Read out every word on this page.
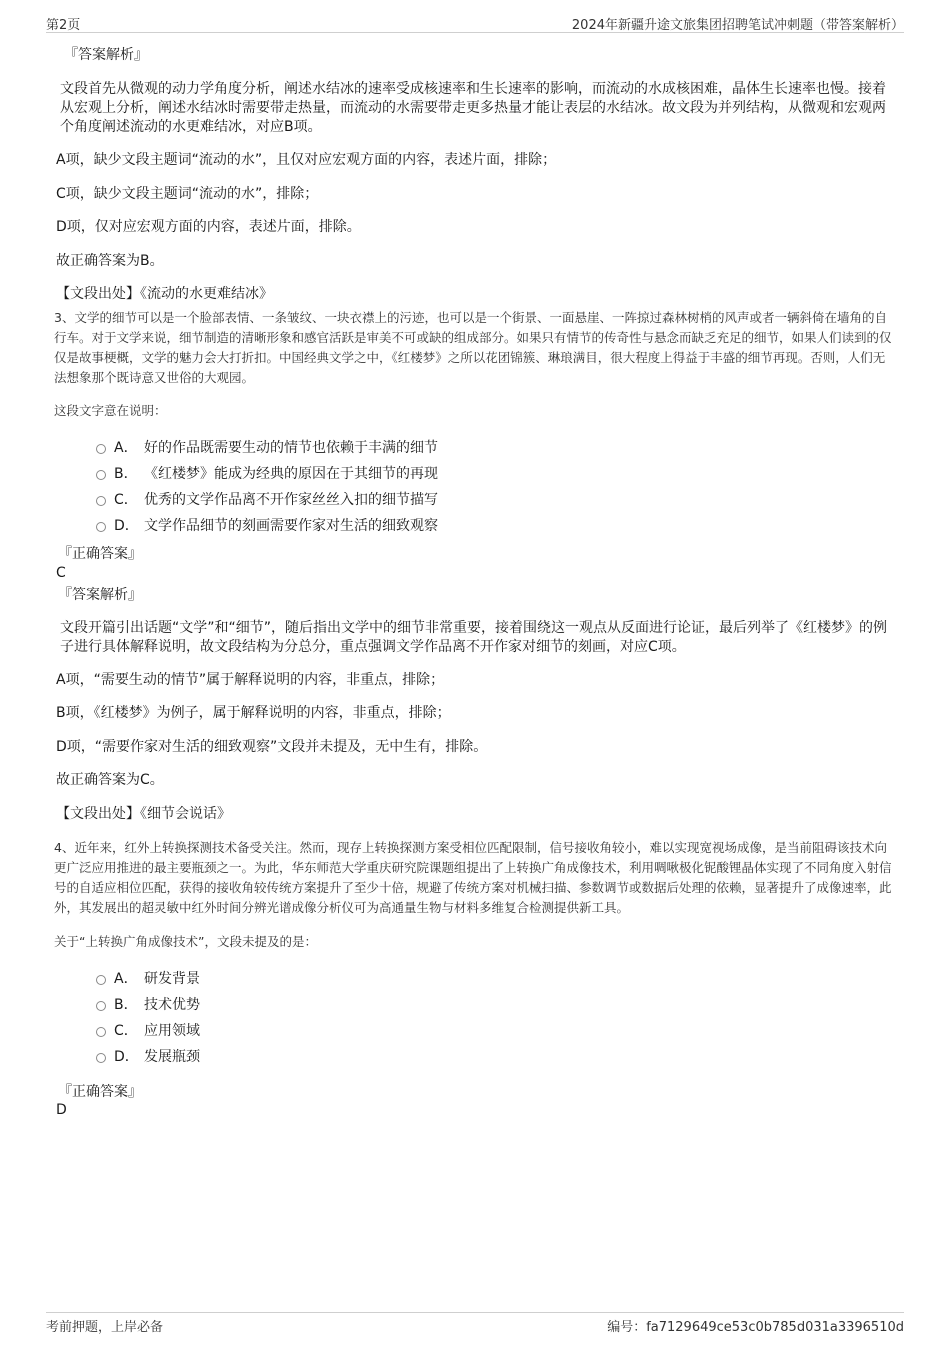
第2页	2024年新疆升途文旅集团招聘笔试冲刺题（带答案解析）

『答案解析』

文段首先从微观的动力学角度分析，阐述水结冰的速率受成核速率和生长速率的影响，而流动的水成核困难，晶体生长速率也慢。接着从宏观上分析，阐述水结冰时需要带走热量，而流动的水需要带走更多热量才能让表层的水结冰。故文段为并列结构，从微观和宏观两个角度阐述流动的水更难结冰，对应B项。

A项，缺少文段主题词“流动的水”，且仅对应宏观方面的内容，表述片面，排除；

C项，缺少文段主题词“流动的水”，排除；

D项，仅对应宏观方面的内容，表述片面，排除。

故正确答案为B。

【文段出处】《流动的水更难结冰》

3、文学的细节可以是一个脸部表情、一条皱纹、一块衣襟上的污迹，也可以是一个街景、一面悬崖、一阵掠过森林树梢的风声或者一辆斜倚在墙角的自行车。对于文学来说，细节制造的清晰形象和感官活跃是审美不可或缺的组成部分。如果只有情节的传奇性与悬念而缺乏充足的细节，如果人们读到的仅仅是故事梗概，文学的魅力会大打折扣。中国经典文学之中，《红楼梦》之所以花团锦簇、琳琅满目，很大程度上得益于丰盛的细节再现。否则，人们无法想象那个既诗意又世俗的大观园。

这段文字意在说明：

A． 好的作品既需要生动的情节也依赖于丰满的细节
B． 《红楼梦》能成为经典的原因在于其细节的再现
C． 优秀的文学作品离不开作家丝丝入扣的细节描写
D． 文学作品细节的刻画需要作家对生活的细致观察

『正确答案』

C

『答案解析』

文段开篇引出话题“文学”和“细节”，随后指出文学中的细节非常重要，接着围绕这一观点从反面进行论证，最后列举了《红楼梦》的例子进行具体解释说明，故文段结构为分总分，重点强调文学作品离不开作家对细节的刻画，对应C项。

A项，“需要生动的情节”属于解释说明的内容，非重点，排除；

B项，《红楼梦》为例子，属于解释说明的内容，非重点，排除；

D项，“需要作家对生活的细致观察”文段并未提及，无中生有，排除。

故正确答案为C。

【文段出处】《细节会说话》

4、近年来，红外上转换探测技术备受关注。然而，现存上转换探测方案受相位匹配限制，信号接收角较小，难以实现宽视场成像，是当前阻碍该技术向更广泛应用推进的最主要瓶颈之一。为此，华东师范大学重庆研究院课题组提出了上转换广角成像技术，利用啁啾极化铌酸锂晶体实现了不同角度入射信号的自适应相位匹配，获得的接收角较传统方案提升了至少十倍，规避了传统方案对机械扫描、参数调节或数据后处理的依赖，显著提升了成像速率，此外，其发展出的超灵敏中红外时间分辨光谱成像分析仪可为高通量生物与材料多维复合检测提供新工具。

关于“上转换广角成像技术”，文段未提及的是：

A． 研发背景
B． 技术优势
C． 应用领域
D． 发展瓶颈

『正确答案』

D

考前押题，上岸必备	编号：fa7129649ce53c0b785d031a3396510d
